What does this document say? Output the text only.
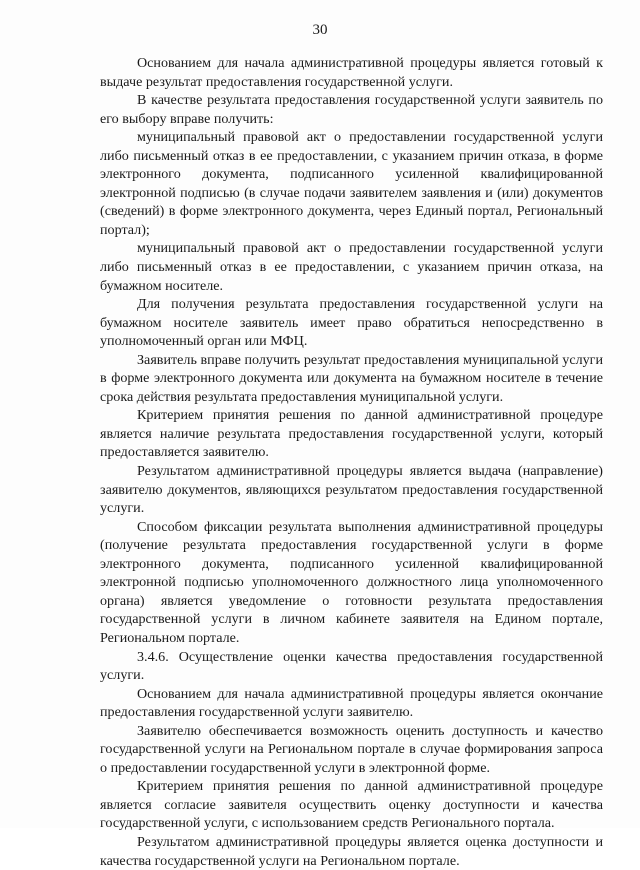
30

Основанием для начала административной процедуры является готовый к выдаче результат предоставления государственной услуги.

В качестве результата предоставления государственной услуги заявитель по его выбору вправе получить:

муниципальный правовой акт о предоставлении государственной услуги либо письменный отказ в ее предоставлении, с указанием причин отказа, в форме электронного документа, подписанного усиленной квалифицированной электронной подписью (в случае подачи заявителем заявления и (или) документов (сведений) в форме электронного документа, через Единый портал, Региональный портал);

муниципальный правовой акт о предоставлении государственной услуги либо письменный отказ в ее предоставлении, с указанием причин отказа, на бумажном носителе.

Для получения результата предоставления государственной услуги на бумажном носителе заявитель имеет право обратиться непосредственно в уполномоченный орган или МФЦ.

Заявитель вправе получить результат предоставления муниципальной услуги в форме электронного документа или документа на бумажном носителе в течение срока действия результата предоставления муниципальной услуги.

Критерием принятия решения по данной административной процедуре является наличие результата предоставления государственной услуги, который предоставляется заявителю.

Результатом административной процедуры является выдача (направление) заявителю документов, являющихся результатом предоставления государственной услуги.

Способом фиксации результата выполнения административной процедуры (получение результата предоставления государственной услуги в форме электронного документа, подписанного усиленной квалифицированной электронной подписью уполномоченного должностного лица уполномоченного органа) является уведомление о готовности результата предоставления государственной услуги в личном кабинете заявителя на Едином портале, Региональном портале.

3.4.6. Осуществление оценки качества предоставления государственной услуги.

Основанием для начала административной процедуры является окончание предоставления государственной услуги заявителю.

Заявителю обеспечивается возможность оценить доступность и качество государственной услуги на Региональном портале в случае формирования запроса о предоставлении государственной услуги в электронной форме.

Критерием принятия решения по данной административной процедуре является согласие заявителя осуществить оценку доступности и качества государственной услуги, с использованием средств Регионального портала.

Результатом административной процедуры является оценка доступности и качества государственной услуги на Региональном портале.
